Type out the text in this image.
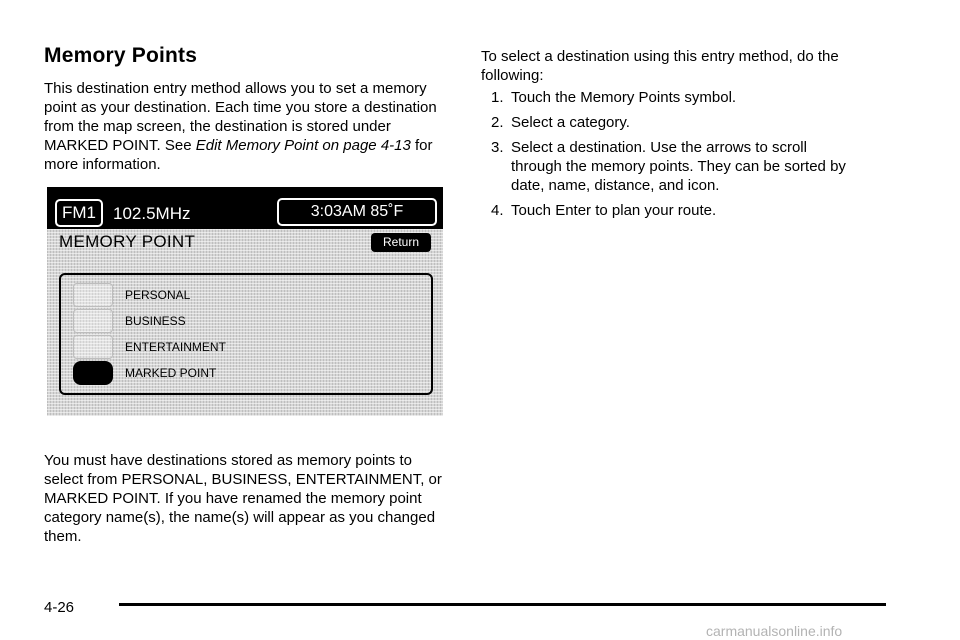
Memory Points

This destination entry method allows you to set a memory point as your destination. Each time you store a destination from the map screen, the destination is stored under MARKED POINT. See Edit Memory Point on page 4-13 for more information.

FM1	102.5MHz	3:03AM 85˚F
MEMORY POINT	Return
PERSONAL
BUSINESS
ENTERTAINMENT
MARKED POINT

You must have destinations stored as memory points to select from PERSONAL, BUSINESS, ENTERTAINMENT, or MARKED POINT. If you have renamed the memory point category name(s), the name(s) will appear as you changed them.

To select a destination using this entry method, do the following:

1. Touch the Memory Points symbol.
2. Select a category.
3. Select a destination. Use the arrows to scroll through the memory points. They can be sorted by date, name, distance, and icon.
4. Touch Enter to plan your route.
4-26
carmanualsonline.info
